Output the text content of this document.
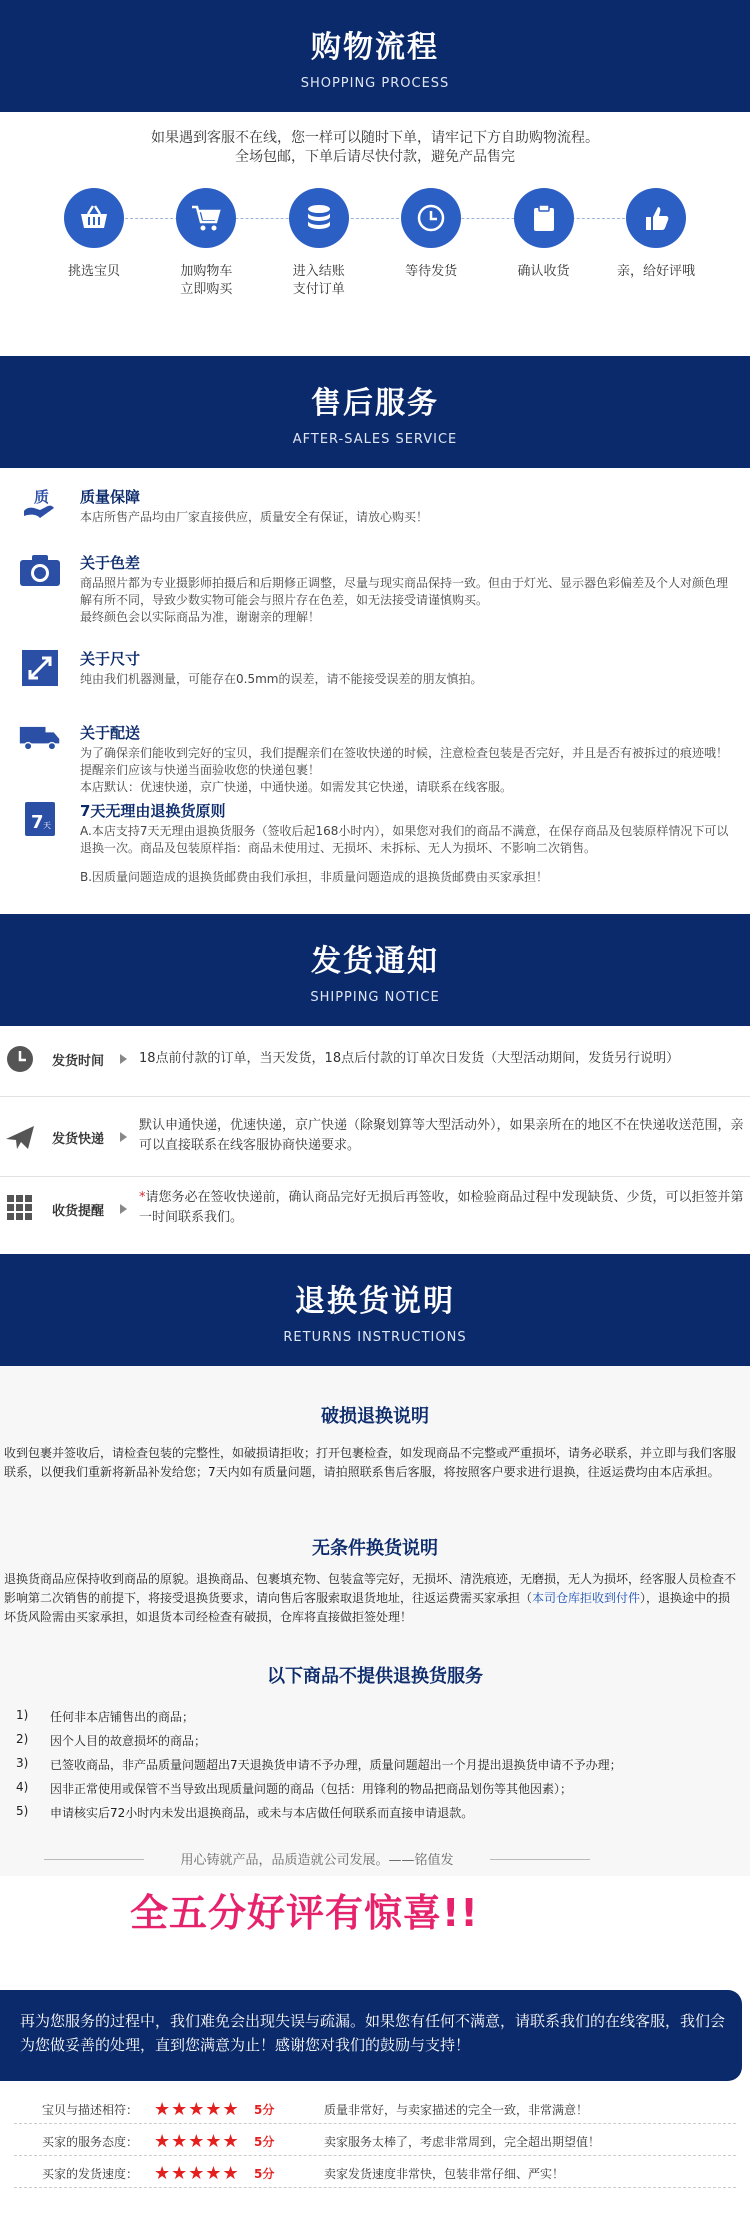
购物流程
SHOPPING PROCESS
如果遇到客服不在线，您一样可以随时下单，请牢记下方自助购物流程。
全场包邮，下单后请尽快付款，避免产品售完
挑选宝贝	加购物车
立即购买
进入结账
支付订单
等待发货	确认收货	亲，给好评哦
售后服务
AFTER-SALES SERVICE
质 质量保障
本店所售产品均由厂家直接供应，质量安全有保证，请放心购买！
关于色差
商品照片都为专业摄影师拍摄后和后期修正调整，尽量与现实商品保持一致。但由于灯光、显示器色彩偏差及个人对颜色理解有所不同，导致少数实物可能会与照片存在色差，如无法接受请谨慎购买。
最终颜色会以实际商品为准，谢谢亲的理解！
关于尺寸
纯由我们机器测量，可能存在0.5mm的误差，请不能接受误差的朋友慎拍。
关于配送
为了确保亲们能收到完好的宝贝，我们提醒亲们在签收快递的时候，注意检查包装是否完好，并且是否有被拆过的痕迹哦！提醒亲们应该与快递当面验收您的快递包裹！
本店默认：优速快递，京广快递，中通快递。如需发其它快递，请联系在线客服。
7 天
7天无理由退换货原则
A.本店支持7天无理由退换货服务（签收后起168小时内），如果您对我们的商品不满意，在保存商品及包装原样情况下可以退换一次。商品及包装原样指：商品未使用过、无损坏、未拆标、无人为损坏、不影响二次销售。
B.因质量问题造成的退换货邮费由我们承担，非质量问题造成的退换货邮费由买家承担！
发货通知
SHIPPING NOTICE
发货时间	18点前付款的订单，当天发货，18点后付款的订单次日发货（大型活动期间，发货另行说明）
发货快递
默认申通快递，优速快递，京广快递（除聚划算等大型活动外），如果亲所在的地区不在快递收送范围，亲可以直接联系在线客服协商快递要求。
收货提醒
*请您务必在签收快递前，确认商品完好无损后再签收，如检验商品过程中发现缺货、少货，可以拒签并第一时间联系我们。
退换货说明
RETURNS INSTRUCTIONS
破损退换说明
收到包裹并签收后，请检查包装的完整性，如破损请拒收；打开包裹检查，如发现商品不完整或严重损坏，请务必联系，并立即与我们客服联系，以便我们重新将新品补发给您；7天内如有质量问题，请拍照联系售后客服，将按照客户要求进行退换，往返运费均由本店承担。
无条件换货说明
退换货商品应保持收到商品的原貌。退换商品、包裹填充物、包装盒等完好，无损坏、清洗痕迹，无磨损，无人为损坏，经客服人员检查不影响第二次销售的前提下，将接受退换货要求，请向售后客服索取退货地址，往返运费需买家承担（本司仓库拒收到付件），退换途中的损坏货风险需由买家承担，如退货本司经检查有破损，仓库将直接做拒签处理！
以下商品不提供退换货服务
1)	任何非本店铺售出的商品；
2)	因个人目的故意损坏的商品；
3)	已签收商品，非产品质量问题超出7天退换货申请不予办理，质量问题超出一个月提出退换货申请不予办理；
4)	因非正常使用或保管不当导致出现质量问题的商品（包括：用锋利的物品把商品划伤等其他因素）；
5)	申请核实后72小时内未发出退换商品，或未与本店做任何联系而直接申请退款。
用心铸就产品，品质造就公司发展。——铭值发
全五分好评有惊喜!!
再为您服务的过程中，我们难免会出现失误与疏漏。如果您有任何不满意，请联系我们的在线客服，我们会为您做妥善的处理，直到您满意为止！感谢您对我们的鼓励与支持！
宝贝与描述相符： ★★★★★	5分	质量非常好，与卖家描述的完全一致，非常满意！
买家的服务态度： ★★★★★	5分	卖家服务太棒了，考虑非常周到，完全超出期望值！
买家的发货速度： ★★★★★	5分	卖家发货速度非常快，包装非常仔细、严实！
